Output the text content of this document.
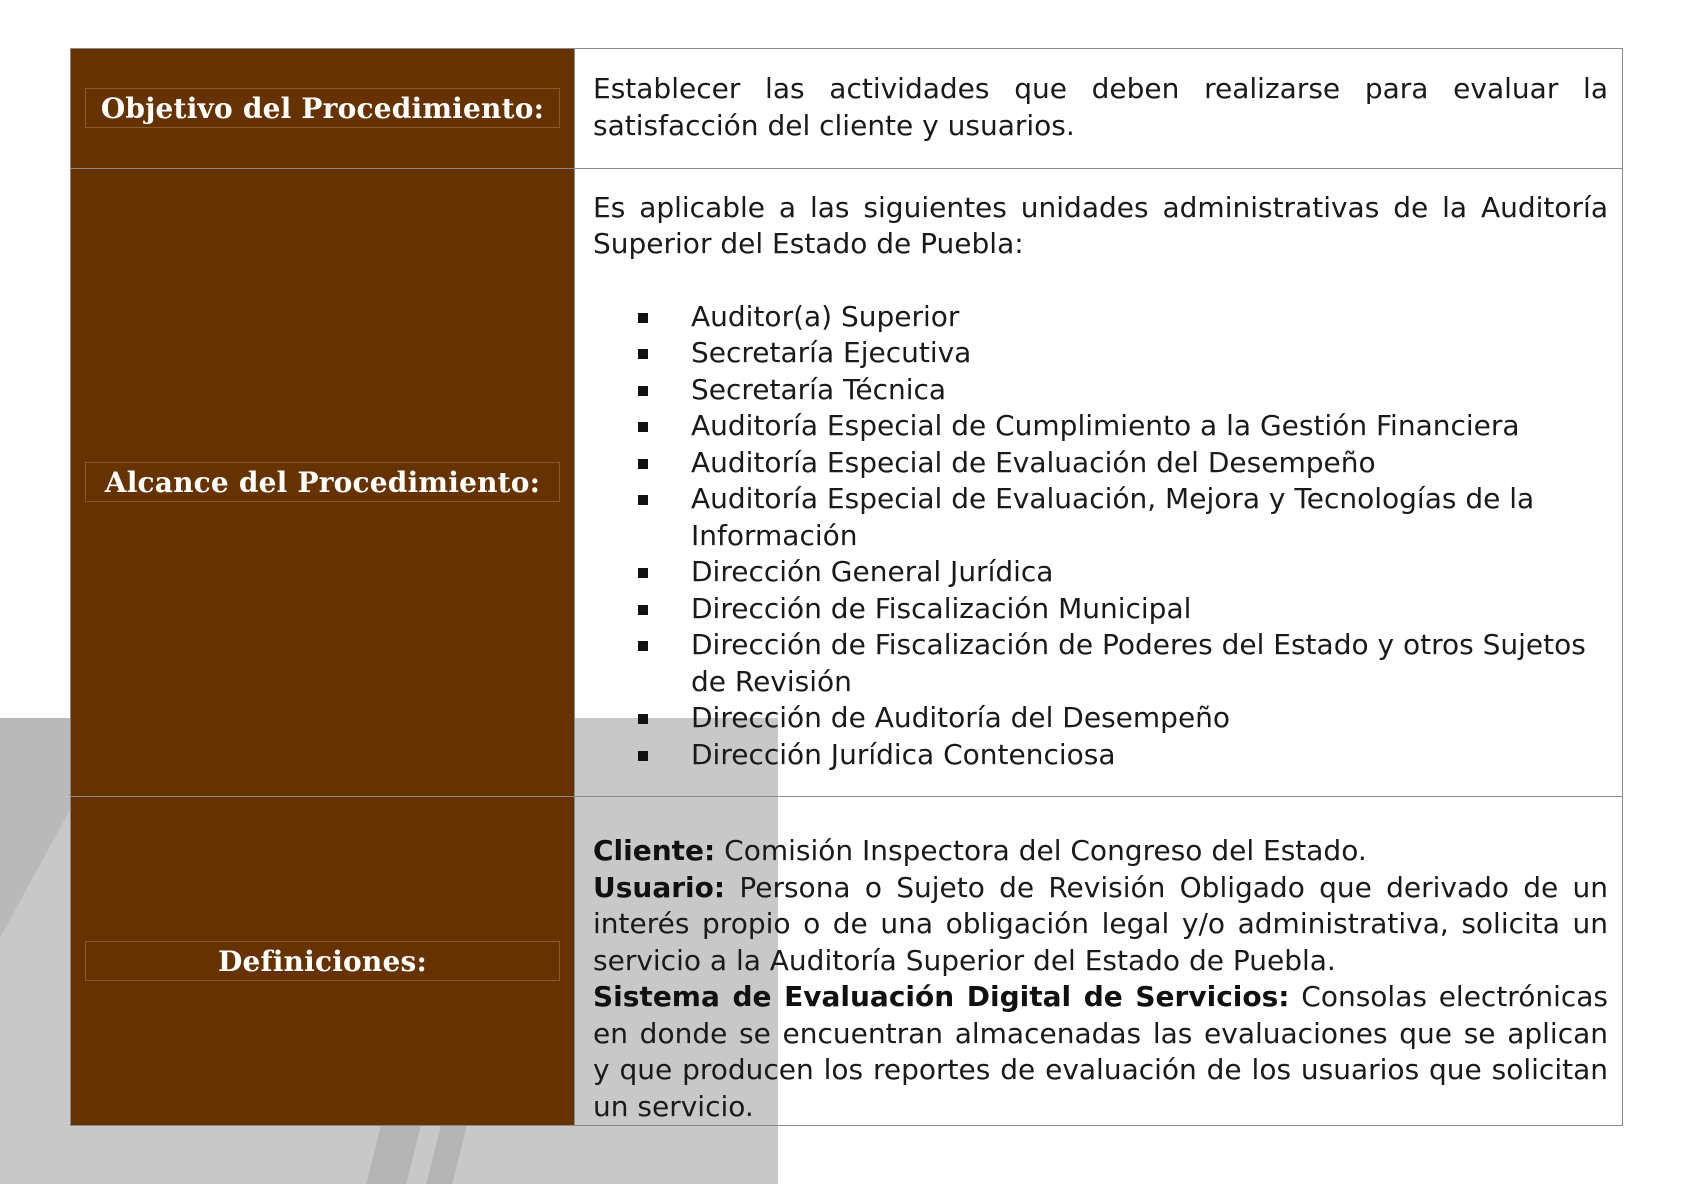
Objetivo del Procedimiento:
Establecer las actividades que deben realizarse para evaluar la satisfacción del cliente y usuarios.
Alcance del Procedimiento:
Es aplicable a las siguientes unidades administrativas de la Auditoría Superior del Estado de Puebla:
Auditor(a) Superior
Secretaría Ejecutiva
Secretaría Técnica
Auditoría Especial de Cumplimiento a la Gestión Financiera
Auditoría Especial de Evaluación del Desempeño
Auditoría Especial de Evaluación, Mejora y Tecnologías de la Información
Dirección General Jurídica
Dirección de Fiscalización Municipal
Dirección de Fiscalización de Poderes del Estado y otros Sujetos de Revisión
Dirección de Auditoría del Desempeño
Dirección Jurídica Contenciosa
Definiciones:
Cliente: Comisión Inspectora del Congreso del Estado.
Usuario: Persona o Sujeto de Revisión Obligado que derivado de un interés propio o de una obligación legal y/o administrativa, solicita un servicio a la Auditoría Superior del Estado de Puebla.
Sistema de Evaluación Digital de Servicios: Consolas electrónicas en donde se encuentran almacenadas las evaluaciones que se aplican y que producen los reportes de evaluación de los usuarios que solicitan un servicio.
